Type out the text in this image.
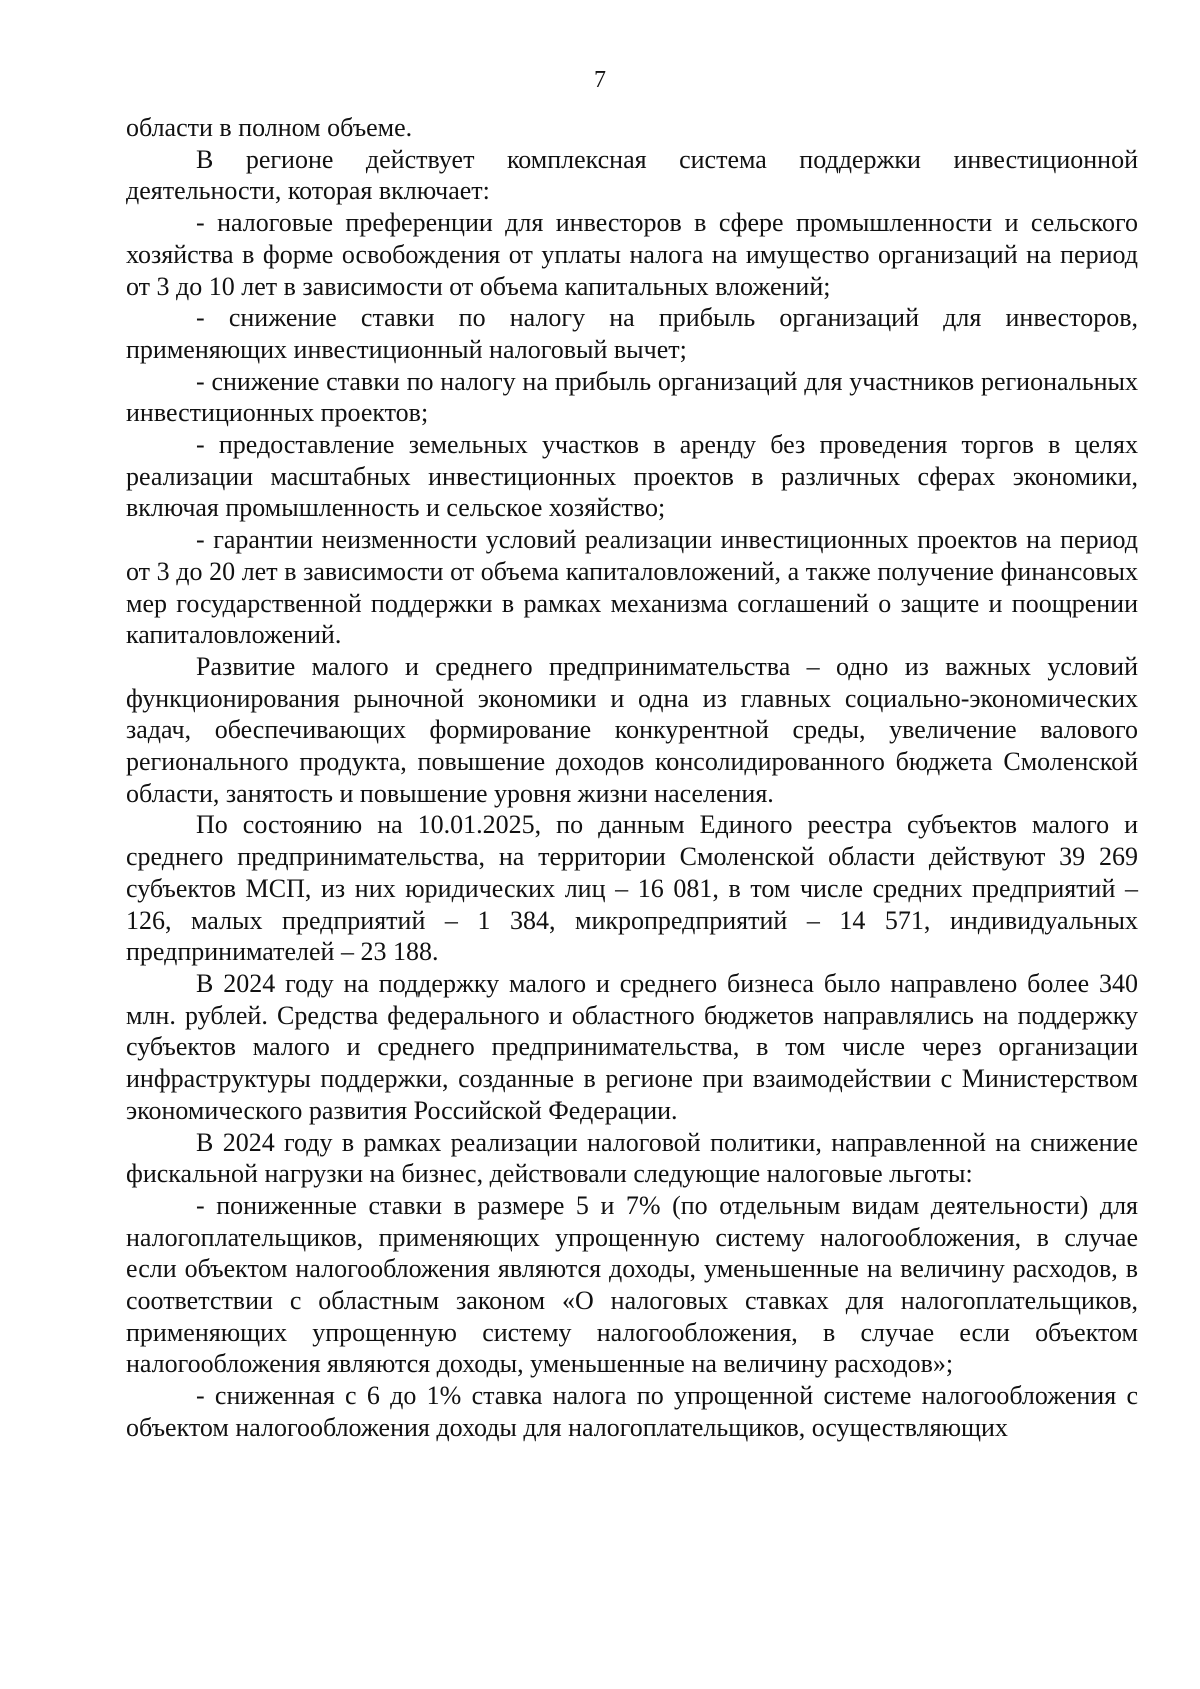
7

области в полном объеме.

В регионе действует комплексная система поддержки инвестиционной деятельности, которая включает:

- налоговые преференции для инвесторов в сфере промышленности и сельского хозяйства в форме освобождения от уплаты налога на имущество организаций на период от 3 до 10 лет в зависимости от объема капитальных вложений;

- снижение ставки по налогу на прибыль организаций для инвесторов, применяющих инвестиционный налоговый вычет;

- снижение ставки по налогу на прибыль организаций для участников региональных инвестиционных проектов;

- предоставление земельных участков в аренду без проведения торгов в целях реализации масштабных инвестиционных проектов в различных сферах экономики, включая промышленность и сельское хозяйство;

- гарантии неизменности условий реализации инвестиционных проектов на период от 3 до 20 лет в зависимости от объема капиталовложений, а также получение финансовых мер государственной поддержки в рамках механизма соглашений о защите и поощрении капиталовложений.

Развитие малого и среднего предпринимательства – одно из важных условий функционирования рыночной экономики и одна из главных социально-экономических задач, обеспечивающих формирование конкурентной среды, увеличение валового регионального продукта, повышение доходов консолидированного бюджета Смоленской области, занятость и повышение уровня жизни населения.

По состоянию на 10.01.2025, по данным Единого реестра субъектов малого и среднего предпринимательства, на территории Смоленской области действуют 39 269 субъектов МСП, из них юридических лиц – 16 081, в том числе средних предприятий – 126, малых предприятий – 1 384, микропредприятий – 14 571, индивидуальных предпринимателей – 23 188.

В 2024 году на поддержку малого и среднего бизнеса было направлено более 340 млн. рублей. Средства федерального и областного бюджетов направлялись на поддержку субъектов малого и среднего предпринимательства, в том числе через организации инфраструктуры поддержки, созданные в регионе при взаимодействии с Министерством экономического развития Российской Федерации.

В 2024 году в рамках реализации налоговой политики, направленной на снижение фискальной нагрузки на бизнес, действовали следующие налоговые льготы:

- пониженные ставки в размере 5 и 7% (по отдельным видам деятельности) для налогоплательщиков, применяющих упрощенную систему налогообложения, в случае если объектом налогообложения являются доходы, уменьшенные на величину расходов, в соответствии с областным законом «О налоговых ставках для налогоплательщиков, применяющих упрощенную систему налогообложения, в случае если объектом налогообложения являются доходы, уменьшенные на величину расходов»;

- сниженная с 6 до 1% ставка налога по упрощенной системе налогообложения с объектом налогообложения доходы для налогоплательщиков, осуществляющих
